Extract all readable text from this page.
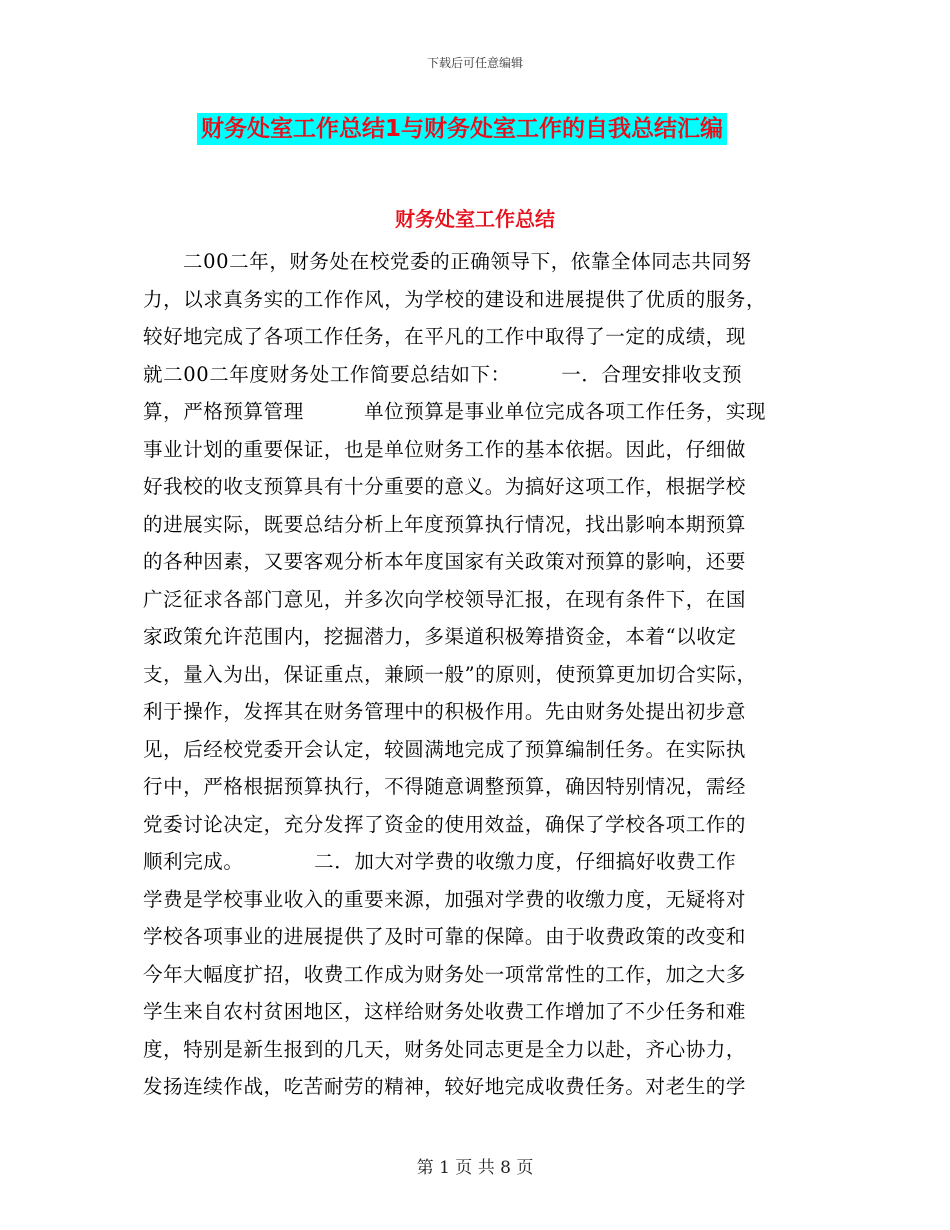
下载后可任意编辑
财务处室工作总结1与财务处室工作的自我总结汇编
财务处室工作总结
二00二年，财务处在校党委的正确领导下，依靠全体同志共同努
力，以求真务实的工作作风，为学校的建设和进展提供了优质的服务，
较好地完成了各项工作任务，在平凡的工作中取得了一定的成绩，现
就二00二年度财务处工作简要总结如下：　　　一．合理安排收支预
算，严格预算管理　　　单位预算是事业单位完成各项工作任务，实现
事业计划的重要保证，也是单位财务工作的基本依据。因此，仔细做
好我校的收支预算具有十分重要的意义。为搞好这项工作，根据学校
的进展实际，既要总结分析上年度预算执行情况，找出影响本期预算
的各种因素，又要客观分析本年度国家有关政策对预算的影响，还要
广泛征求各部门意见，并多次向学校领导汇报，在现有条件下，在国
家政策允许范围内，挖掘潜力，多渠道积极筹措资金，本着“以收定
支，量入为出，保证重点，兼顾一般”的原则，使预算更加切合实际，
利于操作，发挥其在财务管理中的积极作用。先由财务处提出初步意
见，后经校党委开会认定，较圆满地完成了预算编制任务。在实际执
行中，严格根据预算执行，不得随意调整预算，确因特别情况，需经
党委讨论决定，充分发挥了资金的使用效益，确保了学校各项工作的
顺利完成。　　　　二．加大对学费的收缴力度，仔细搞好收费工作
学费是学校事业收入的重要来源，加强对学费的收缴力度，无疑将对
学校各项事业的进展提供了及时可靠的保障。由于收费政策的改变和
今年大幅度扩招，收费工作成为财务处一项常常性的工作，加之大多
学生来自农村贫困地区，这样给财务处收费工作增加了不少任务和难
度，特别是新生报到的几天，财务处同志更是全力以赴，齐心协力，
发扬连续作战，吃苦耐劳的精神，较好地完成收费任务。对老生的学
第 1 页 共 8 页
